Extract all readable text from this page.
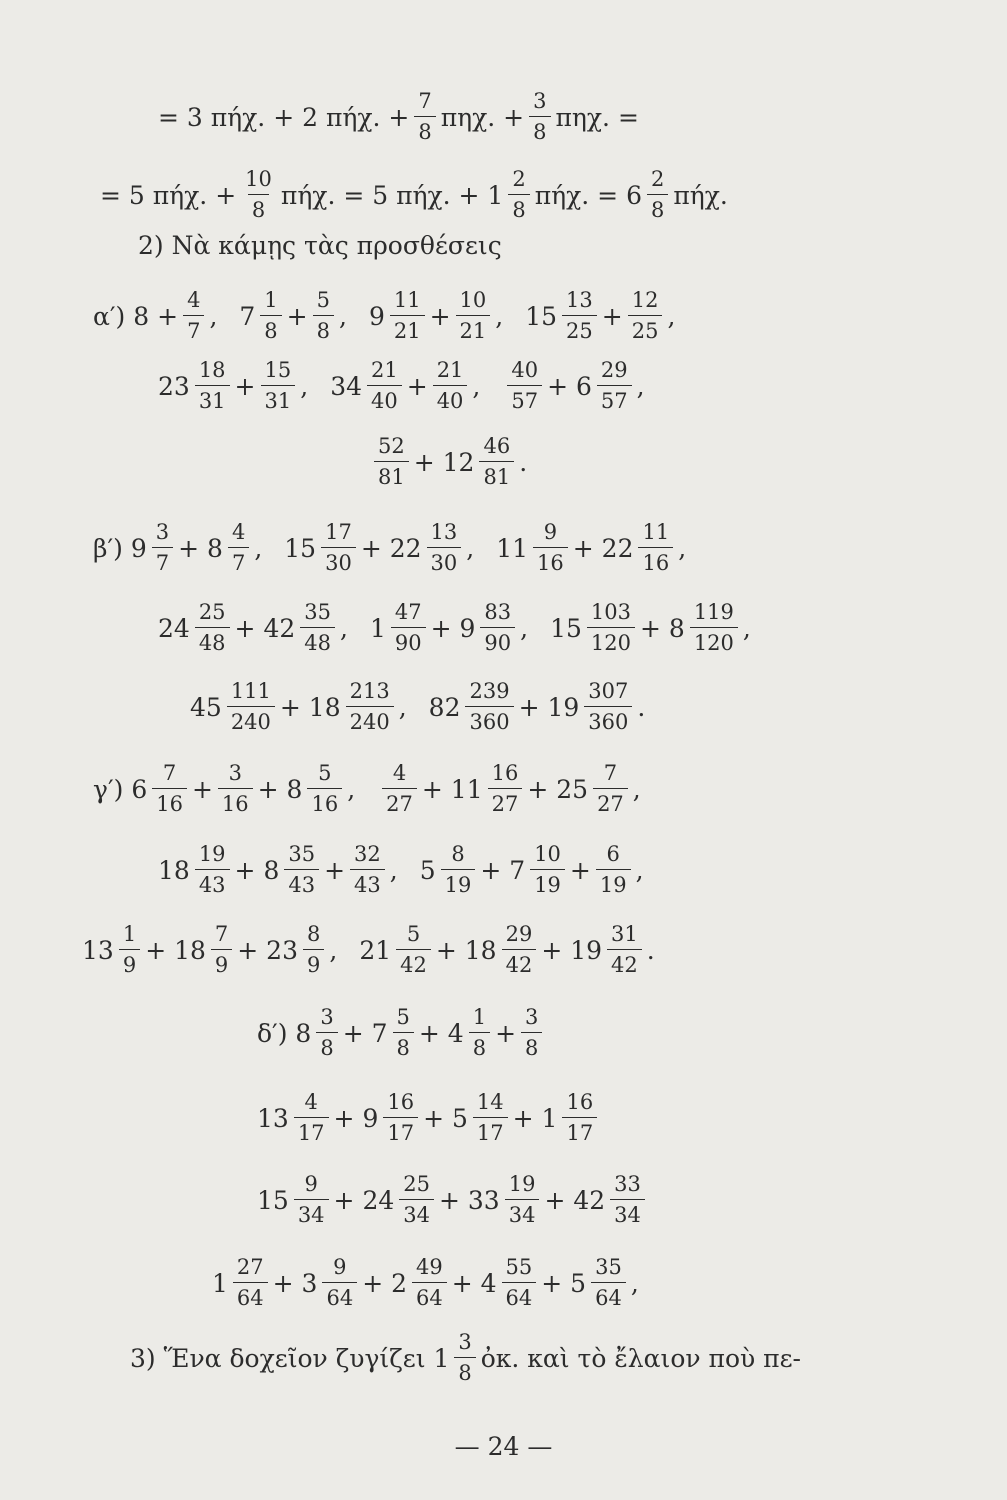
= 3 πήχ. + 2 πήχ. + $\frac{7}{8} \pi\eta\chi$. + $\frac{3}{8} \pi\eta\chi$. =
= 5 πήχ. + $\frac{10}{8} \pi ή\chi$. = 5 πήχ. + $1 \frac{2}{8} \pi ή\chi$. = $6 \frac{2}{8} \pi ή\chi$.
2) Νὰ κάμῃς τὰς προσθέσεις
α′) $8 + \frac{4}{7}$ , $7 \frac{1}{8} + \frac{5}{8}$ , $9 \frac{11}{21} + \frac{10}{21}$ , $15 \frac{13}{25} + \frac{12}{25}$ ,
$23 \frac{18}{31} + \frac{15}{31}$ , $34 \frac{21}{40} + \frac{21}{40}$ , $\frac{40}{57} + 6 \frac{29}{57}$ ,
$\frac{52}{81} + 12 \frac{46}{81}$ .
β′) $9 \frac{3}{7} + 8 \frac{4}{7}$ , $15 \frac{17}{30} + 22 \frac{13}{30}$ , $11 \frac{9}{16} + 22 \frac{11}{16}$ ,
$24 \frac{25}{48} + 42 \frac{35}{48}$ , $1 \frac{47}{90} + 9 \frac{83}{90}$ , $15 \frac{103}{120} + 8 \frac{119}{120}$ ,
$45 \frac{111}{240} + 18 \frac{213}{240}$ , $82 \frac{239}{360} + 19 \frac{307}{360}$ .
γ′) $6 \frac{7}{16} + \frac{3}{16} + 8 \frac{5}{16}$ , $\frac{4}{27} + 11 \frac{16}{27} + 25 \frac{7}{27}$ ,
$18 \frac{19}{43} + 8 \frac{35}{43} + \frac{32}{43}$ , $5 \frac{8}{19} + 7 \frac{10}{19} + \frac{6}{19}$ ,
$13 \frac{1}{9} + 18 \frac{7}{9} + 23 \frac{8}{9}$ , $21 \frac{5}{42} + 18 \frac{29}{42} + 19 \frac{31}{42}$ .
δ′) $8 \frac{3}{8} + 7 \frac{5}{8} + 4 \frac{1}{8} + \frac{3}{8}$
$13 \frac{4}{17} + 9 \frac{16}{17} + 5 \frac{14}{17} + 1 \frac{16}{17}$
$15 \frac{9}{34} + 24 \frac{25}{34} + 33 \frac{19}{34} + 42 \frac{33}{34}$
$1 \frac{27}{64} + 3 \frac{9}{64} + 2 \frac{49}{64} + 4 \frac{55}{64} + 5 \frac{35}{64}$ ,
3) Ἕνα δοχεῖον ζυγίζει $1 \frac{3}{8}$ ὀκ. καὶ τὸ ἔλαιον ποὺ πε-
— 24 —
